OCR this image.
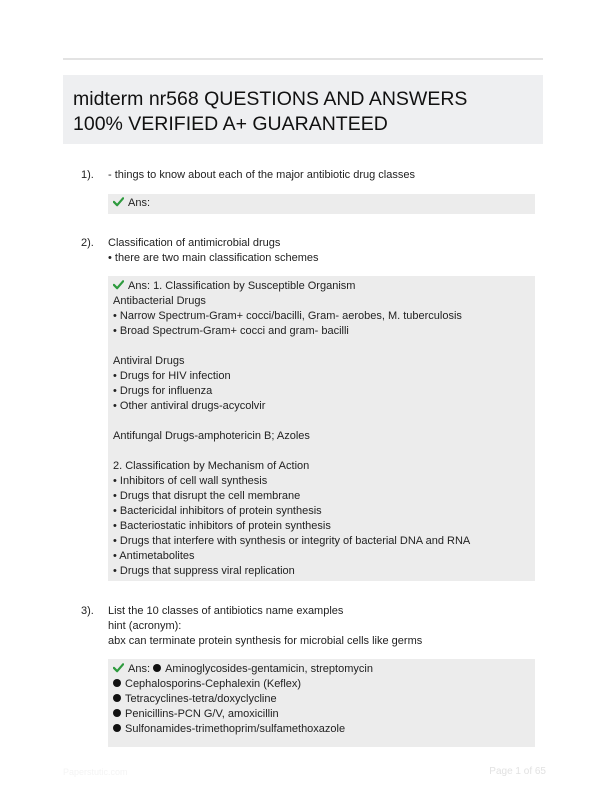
midterm nr568 QUESTIONS AND ANSWERS
100% VERIFIED A+ GUARANTEED
1). - things to know about each of the major antibiotic drug classes
Ans:
2). Classification of antimicrobial drugs
• there are two main classification schemes
Ans: 1. Classification by Susceptible Organism
Antibacterial Drugs
• Narrow Spectrum-Gram+ cocci/bacilli, Gram- aerobes, M. tuberculosis
• Broad Spectrum-Gram+ cocci and gram- bacilli
Antiviral Drugs
• Drugs for HIV infection
• Drugs for influenza
• Other antiviral drugs-acycolvir
Antifungal Drugs-amphotericin B; Azoles
2. Classification by Mechanism of Action
• Inhibitors of cell wall synthesis
• Drugs that disrupt the cell membrane
• Bactericidal inhibitors of protein synthesis
• Bacteriostatic inhibitors of protein synthesis
• Drugs that interfere with synthesis or integrity of bacterial DNA and RNA
• Antimetabolites
• Drugs that suppress viral replication
3). List the 10 classes of antibiotics name examples
hint (acronym):
abx can terminate protein synthesis for microbial cells like germs
Ans: Aminoglycosides-gentamicin, streptomycin
Cephalosporins-Cephalexin (Keflex)
Tetracyclines-tetra/doxyclycline
Penicillins-PCN G/V, amoxicillin
Sulfonamides-trimethoprim/sulfamethoxazole
Paperstutic.com	Page 1 of 65
